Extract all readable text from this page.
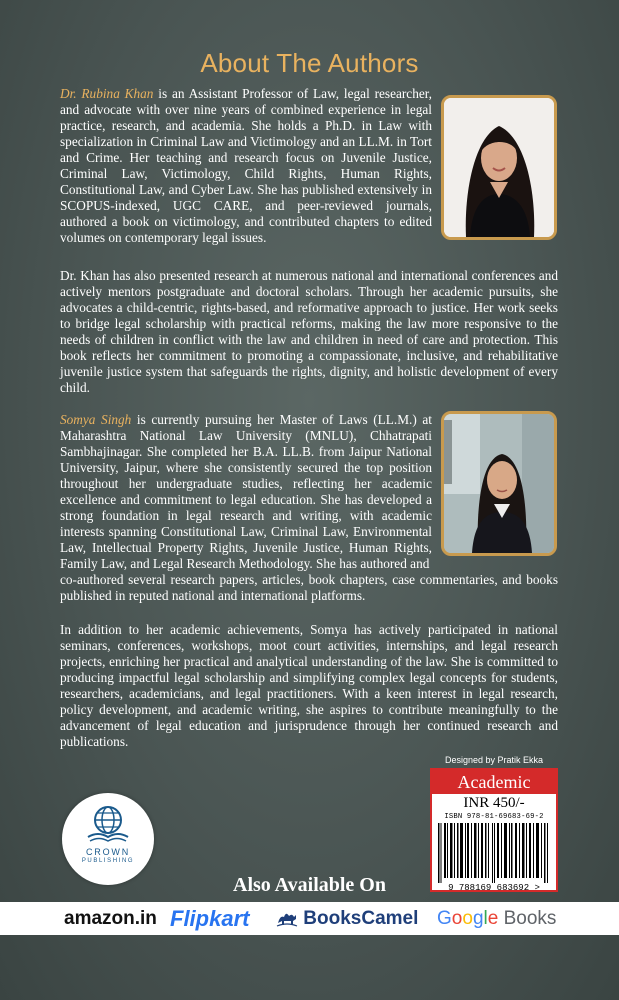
About The Authors

Dr. Rubina Khan is an Assistant Professor of Law, legal researcher, and advocate with over nine years of combined experience in legal practice, research, and academia. She holds a Ph.D. in Law with specialization in Criminal Law and Victimology and an LL.M. in Tort and Crime. Her teaching and research focus on Juvenile Justice, Criminal Law, Victimology, Child Rights, Human Rights, Constitutional Law, and Cyber Law. She has published extensively in SCOPUS-indexed, UGC CARE, and peer-reviewed journals, authored a book on victimology, and contributed chapters to edited volumes on contemporary legal issues.

Dr. Khan has also presented research at numerous national and international conferences and actively mentors postgraduate and doctoral scholars. Through her academic pursuits, she advocates a child-centric, rights-based, and reformative approach to justice. Her work seeks to bridge legal scholarship with practical reforms, making the law more responsive to the needs of children in conflict with the law and children in need of care and protection. This book reflects her commitment to promoting a compassionate, inclusive, and rehabilitative juvenile justice system that safeguards the rights, dignity, and holistic development of every child.

Somya Singh is currently pursuing her Master of Laws (LL.M.) at Maharashtra National Law University (MNLU), Chhatrapati Sambhajinagar. She completed her B.A. LL.B. from Jaipur National University, Jaipur, where she consistently secured the top position throughout her undergraduate studies, reflecting her academic excellence and commitment to legal education. She has developed a strong foundation in legal research and writing, with academic interests spanning Constitutional Law, Criminal Law, Environmental Law, Intellectual Property Rights, Juvenile Justice, Human Rights, Family Law, and Legal Research Methodology. She has authored and

co-authored several research papers, articles, book chapters, case commentaries, and books published in reputed national and international platforms.

In addition to her academic achievements, Somya has actively participated in national seminars, conferences, workshops, moot court activities, internships, and legal research projects, enriching her practical and analytical understanding of the law. She is committed to producing impactful legal scholarship and simplifying complex legal concepts for students, researchers, academicians, and legal practitioners. With a keen interest in legal research, policy development, and academic writing, she aspires to contribute meaningfully to the advancement of legal education and jurisprudence through her continued research and publications.

Designed by Pratik Ekka
Academic
INR 450/-
ISBN 978-81-69683-69-2
9 788169 683692 >
CROWN
PUBLISHING
Also Available On
amazon.in Flipkart	BooksCamel Google Books
